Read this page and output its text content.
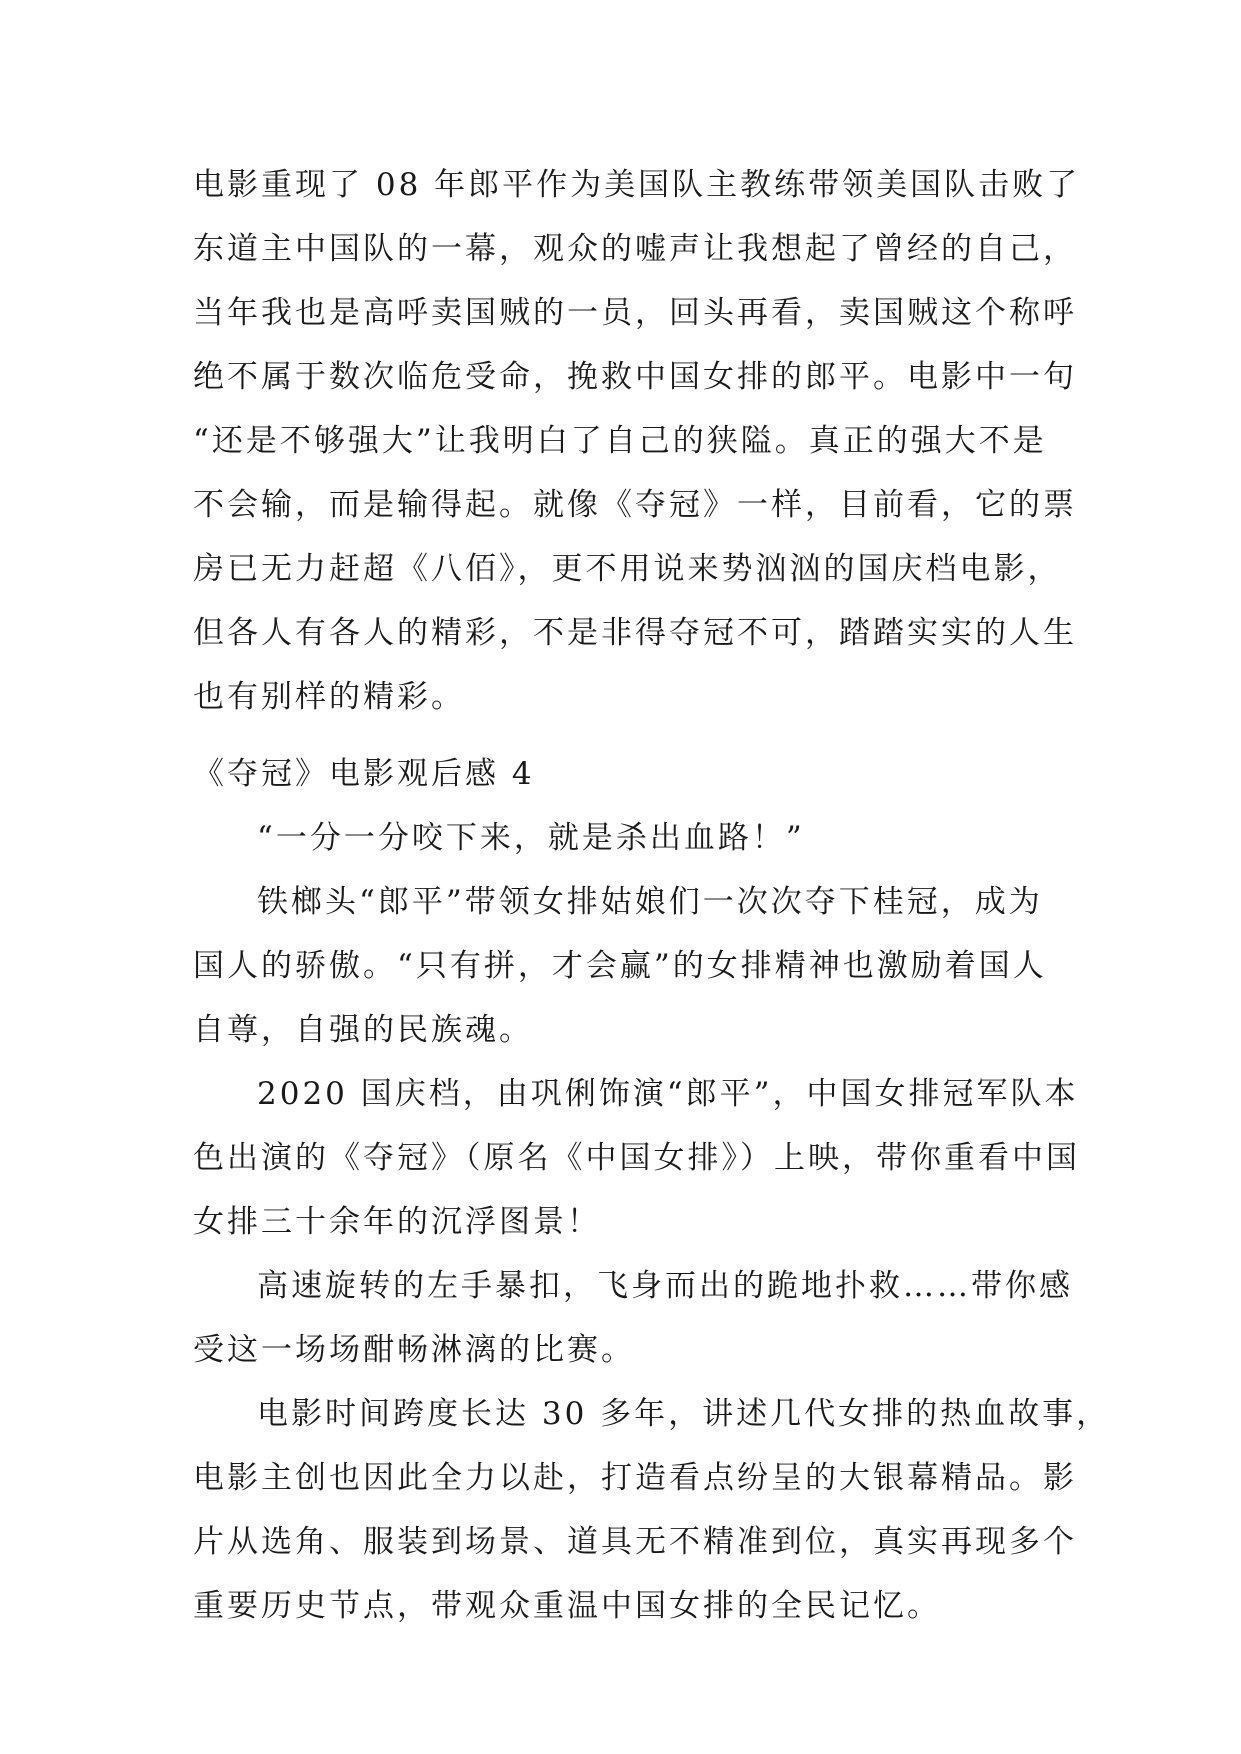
电影重现了 08 年郎平作为美国队主教练带领美国队击败了
东道主中国队的一幕，观众的嘘声让我想起了曾经的自己，
当年我也是高呼卖国贼的一员，回头再看，卖国贼这个称呼
绝不属于数次临危受命，挽救中国女排的郎平。电影中一句
“还是不够强大”让我明白了自己的狭隘。真正的强大不是
不会输，而是输得起。就像《夺冠》一样，目前看，它的票
房已无力赶超《八佰》，更不用说来势汹汹的国庆档电影，
但各人有各人的精彩，不是非得夺冠不可，踏踏实实的人生
也有别样的精彩。
《夺冠》电影观后感 4
“一分一分咬下来，就是杀出血路！”
铁榔头“郎平”带领女排姑娘们一次次夺下桂冠，成为
国人的骄傲。“只有拼，才会赢”的女排精神也激励着国人
自尊，自强的民族魂。
2020 国庆档，由巩俐饰演“郎平”，中国女排冠军队本
色出演的《夺冠》（原名《中国女排》）上映，带你重看中国
女排三十余年的沉浮图景！
高速旋转的左手暴扣，飞身而出的跪地扑救……带你感
受这一场场酣畅淋漓的比赛。
电影时间跨度长达 30 多年，讲述几代女排的热血故事，
电影主创也因此全力以赴，打造看点纷呈的大银幕精品。影
片从选角、服装到场景、道具无不精准到位，真实再现多个
重要历史节点，带观众重温中国女排的全民记忆。
